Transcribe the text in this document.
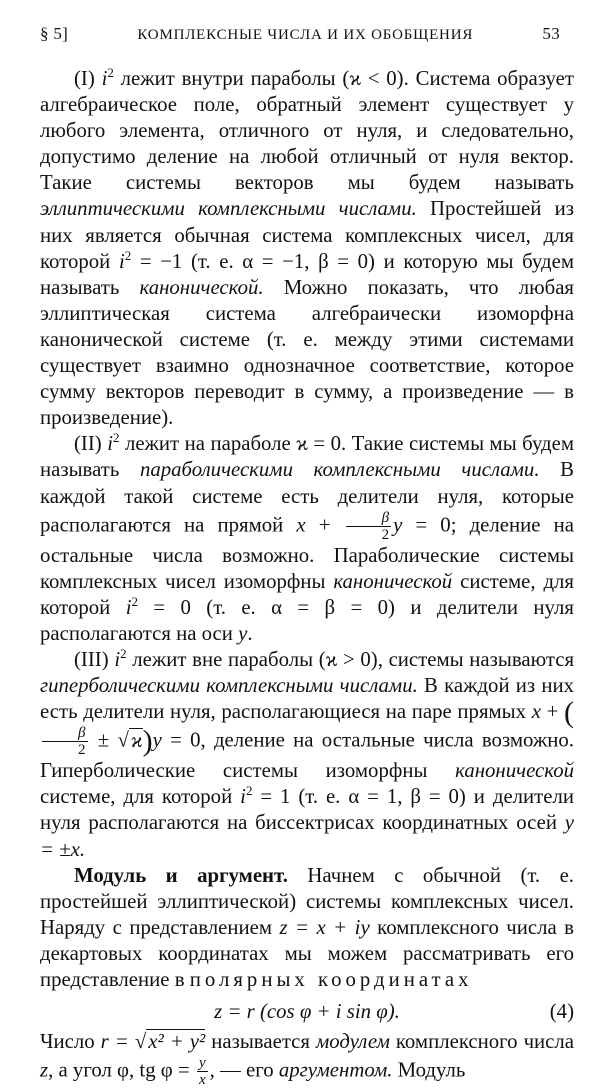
§ 5]	КОМПЛЕКСНЫЕ ЧИСЛА И ИХ ОБОБЩЕНИЯ	53

(I) $i^2$ лежит внутри параболы (ϰ < 0). Система образует алгебраическое поле, обратный элемент существует у любого элемента, отличного от нуля, и следовательно, допустимо деление на любой отличный от нуля вектор. Такие системы векторов мы будем называть эллиптическими комплексными числами. Простейшей из них является обычная система комплексных чисел, для которой $i^2 = -1$ (т. е. α = −1, β = 0) и которую мы будем называть канонической. Можно показать, что любая эллиптическая система алгебраически изоморфна канонической системе (т. е. между этими системами существует взаимно однозначное соответствие, которое сумму векторов переводит в сумму, а произведение — в произведение).

(II) $i^2$ лежит на параболе ϰ = 0. Такие системы мы будем называть параболическими комплексными числами. В каждой такой системе есть делители нуля, которые располагаются на прямой $x + \frac{\beta}{2}$ y = 0; деление на остальные числа возможно. Параболические системы комплексных чисел изоморфны канонической системе, для которой $i^2 = 0$ (т. е. α = β = 0) и делители нуля располагаются на оси y.

(III) $i^2$ лежит вне параболы (ϰ > 0), системы называются гиперболическими комплексными числами. В каждой из них есть делители нуля, располагающиеся на паре прямых x + (
$\frac{\beta}{2} \pm √ϰ)y = 0$, деление на остальные числа возможно. Гиперболические системы изоморфны канонической системе, для которой $i^2 = 1$ (т. е. α = 1, β = 0) и делители нуля располагаются на биссектрисах координатных осей y = ±x.

Модуль и аргумент. Начнем с обычной (т. е. простейшей эллиптической) системы комплексных чисел. Наряду с представлением z = x + iy комплексного числа в декартовых координатах мы можем рассматривать его представление в полярных координатах

z = r (cos φ + i sin φ).	(4)

Число r = √x² + y² называется модулем комплексного числа z, а угол φ, tg $\varphi = \frac{y}{x}$ , — его аргументом. Модуль
